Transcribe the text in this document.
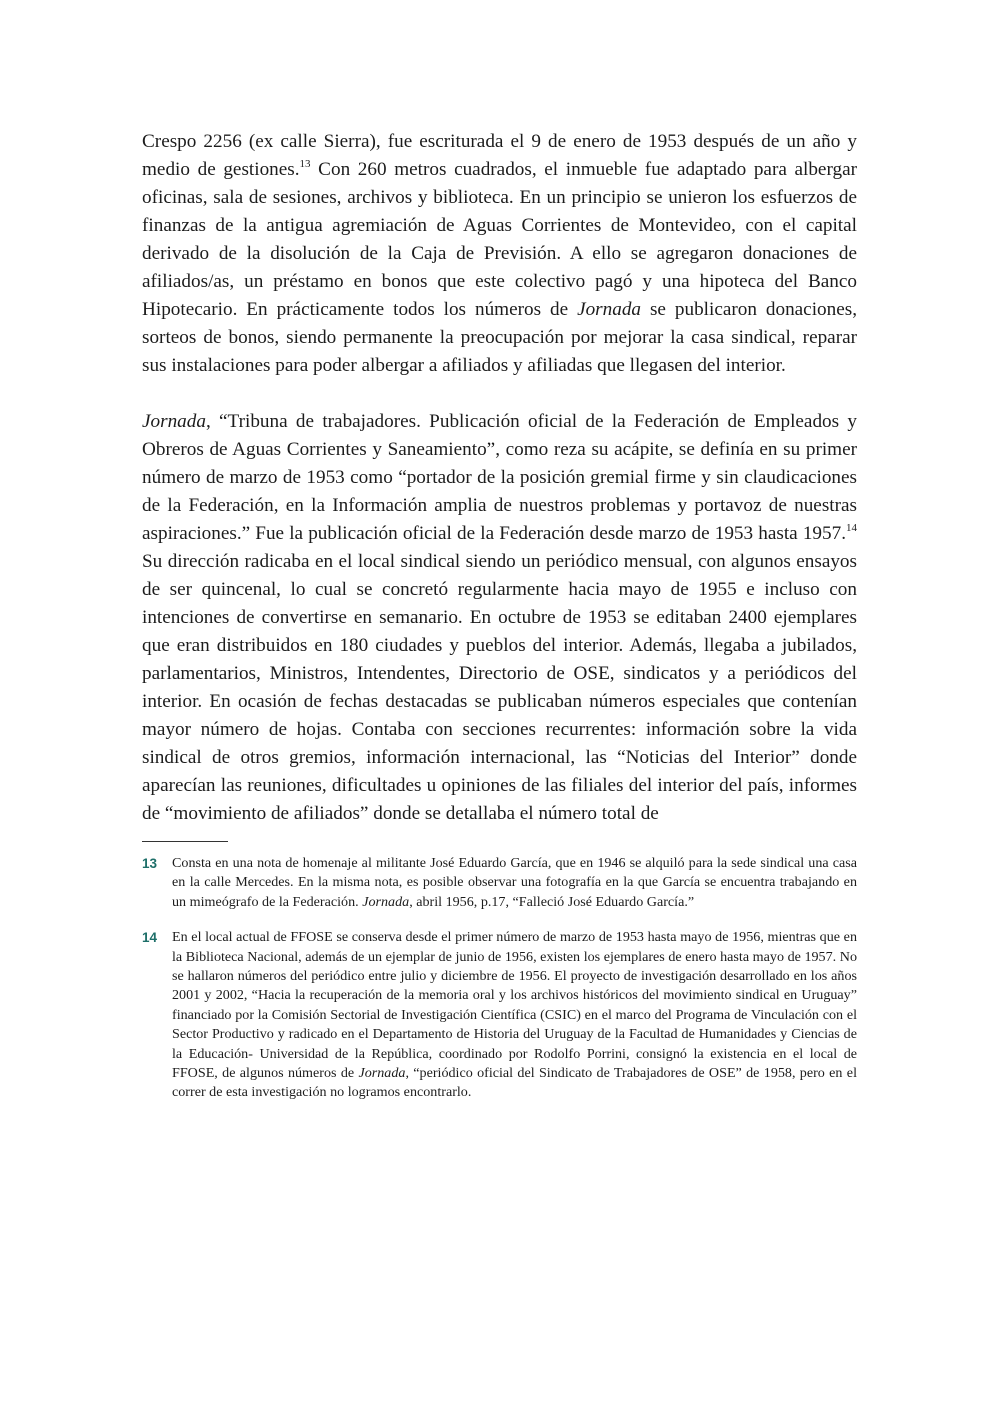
Crespo 2256 (ex calle Sierra), fue escriturada el 9 de enero de 1953 después de un año y medio de gestiones.$^{13}$ Con 260 metros cuadrados, el inmueble fue adaptado para albergar oficinas, sala de sesiones, archivos y biblioteca. En un principio se unieron los esfuerzos de finanzas de la antigua agremiación de Aguas Corrientes de Montevideo, con el capital derivado de la disolución de la Caja de Previsión. A ello se agregaron donaciones de afiliados/as, un préstamo en bonos que este colectivo pagó y una hipoteca del Banco Hipotecario. En prácticamente todos los números de Jornada se publicaron donaciones, sorteos de bonos, siendo permanente la preocupación por mejorar la casa sindical, reparar sus instalaciones para poder albergar a afiliados y afiliadas que llegasen del interior.

Jornada, “Tribuna de trabajadores. Publicación oficial de la Federación de Empleados y Obreros de Aguas Corrientes y Saneamiento”, como reza su acápite, se definía en su primer número de marzo de 1953 como “portador de la posición gremial firme y sin claudicaciones de la Federación, en la Información amplia de nuestros problemas y portavoz de nuestras aspiraciones.” Fue la publicación oficial de la Federación desde marzo de 1953 hasta 1957.14 Su dirección radicaba en el local sindical siendo un periódico mensual, con algunos ensayos de ser quincenal, lo cual se concretó regularmente hacia mayo de 1955 e incluso con intenciones de convertirse en semanario. En octubre de 1953 se editaban 2400 ejemplares que eran distribuidos en 180 ciudades y pueblos del interior. Además, llegaba a jubilados, parlamentarios, Ministros, Intendentes, Directorio de OSE, sindicatos y a periódicos del interior. En ocasión de fechas destacadas se publicaban números especiales que contenían mayor número de hojas. Contaba con secciones recurrentes: información sobre la vida sindical de otros gremios, información internacional, las “Noticias del Interior” donde aparecían las reuniones, dificultades u opiniones de las filiales del interior del país, informes de “movimiento de afiliados” donde se detallaba el número total de

13	Consta en una nota de homenaje al militante José Eduardo García, que en 1946 se alquiló para la sede sindical una casa en la calle Mercedes. En la misma nota, es posible observar una fotografía en la que García se encuentra trabajando en un mimeógrafo de la Federación. Jornada, abril 1956, p.17, “Falleció José Eduardo García.”
14	En el local actual de FFOSE se conserva desde el primer número de marzo de 1953 hasta mayo de 1956, mientras que en la Biblioteca Nacional, además de un ejemplar de junio de 1956, existen los ejemplares de enero hasta mayo de 1957. No se hallaron números del periódico entre julio y diciembre de 1956. El proyecto de investigación desarrollado en los años 2001 y 2002, “Hacia la recuperación de la memoria oral y los archivos históricos del movimiento sindical en Uruguay” financiado por la Comisión Sectorial de Investigación Científica (CSIC) en el marco del Programa de Vinculación con el Sector Productivo y radicado en el Departamento de Historia del Uruguay de la Facultad de Humanidades y Ciencias de la Educación- Universidad de la República, coordinado por Rodolfo Porrini, consignó la existencia en el local de FFOSE, de algunos números de Jornada, “periódico oficial del Sindicato de Trabajadores de OSE” de 1958, pero en el correr de esta investigación no logramos encontrarlo.
